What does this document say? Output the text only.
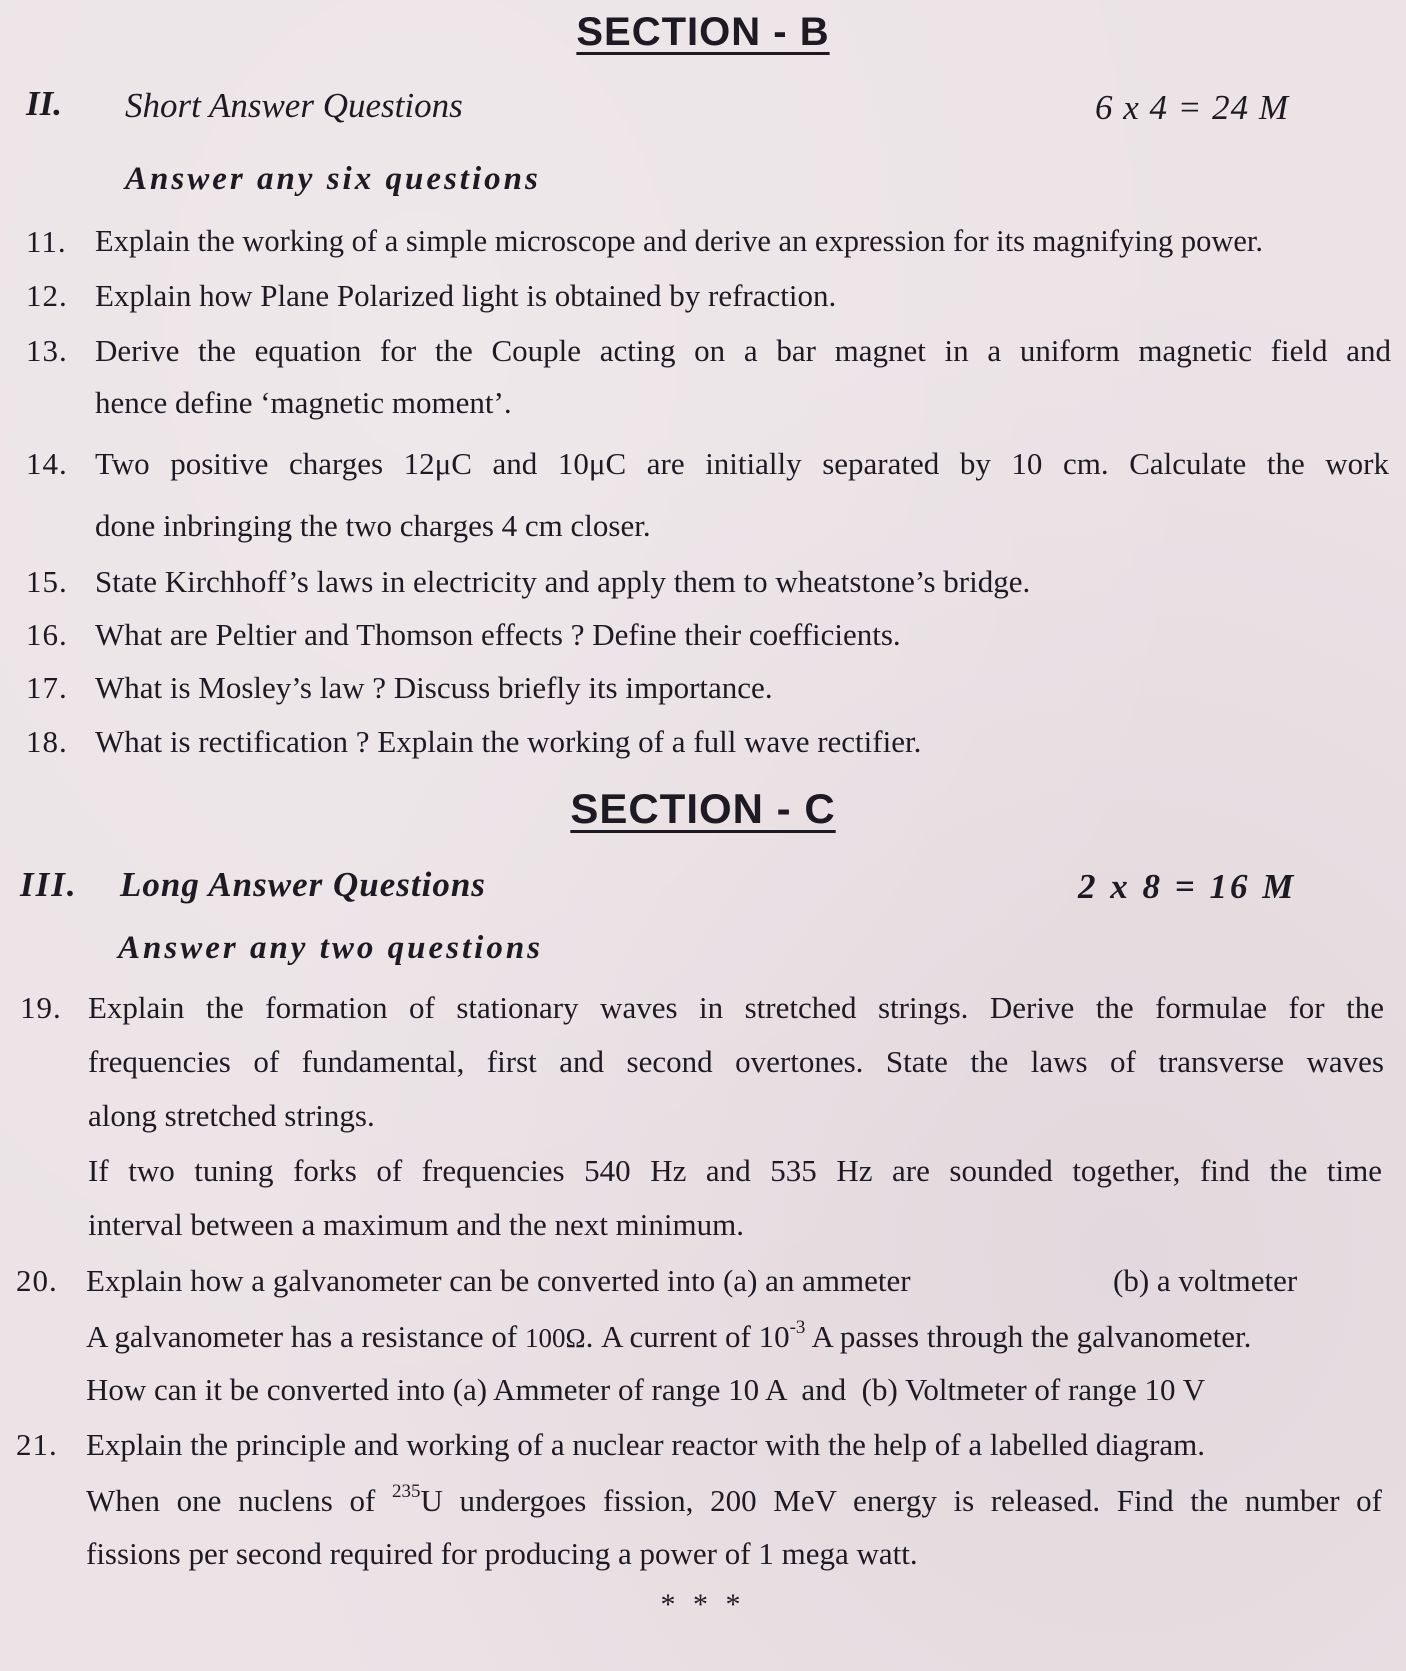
SECTION - B
II. Short Answer Questions	6 x 4 = 24 M
Answer any six questions
11. Explain the working of a simple microscope and derive an expression for its magnifying power.
12. Explain how Plane Polarized light is obtained by refraction.
13. Derive the equation for the Couple acting on a bar magnet in a uniform magnetic field and
hence define ‘magnetic moment’.
14. Two positive charges 12μC and 10μC are initially separated by 10 cm. Calculate the work
done inbringing the two charges 4 cm closer.
15. State Kirchhoff’s laws in electricity and apply them to wheatstone’s bridge.
16. What are Peltier and Thomson effects ? Define their coefficients.
17. What is Mosley’s law ? Discuss briefly its importance.
18. What is rectification ? Explain the working of a full wave rectifier.
SECTION - C
III. Long Answer Questions	2 x 8 = 16 M
Answer any two questions
19. Explain the formation of stationary waves in stretched strings. Derive the formulae for the
frequencies of fundamental, first and second overtones. State the laws of transverse waves
along stretched strings.
If two tuning forks of frequencies 540 Hz and 535 Hz are sounded together, find the time
interval between a maximum and the next minimum.
20. Explain how a galvanometer can be converted into (a) an ammeter	(b) a voltmeter
A galvanometer has a resistance of 100Ω. A current of $10^{-3}$ A passes through the galvanometer.
How can it be converted into (a) Ammeter of range 10 A  and  (b) Voltmeter of range 10 V
21. Explain the principle and working of a nuclear reactor with the help of a labelled diagram.
When one nuclens of $^{235}$U undergoes fission, 200 MeV energy is released. Find the number of
fissions per second required for producing a power of 1 mega watt.
* * *
